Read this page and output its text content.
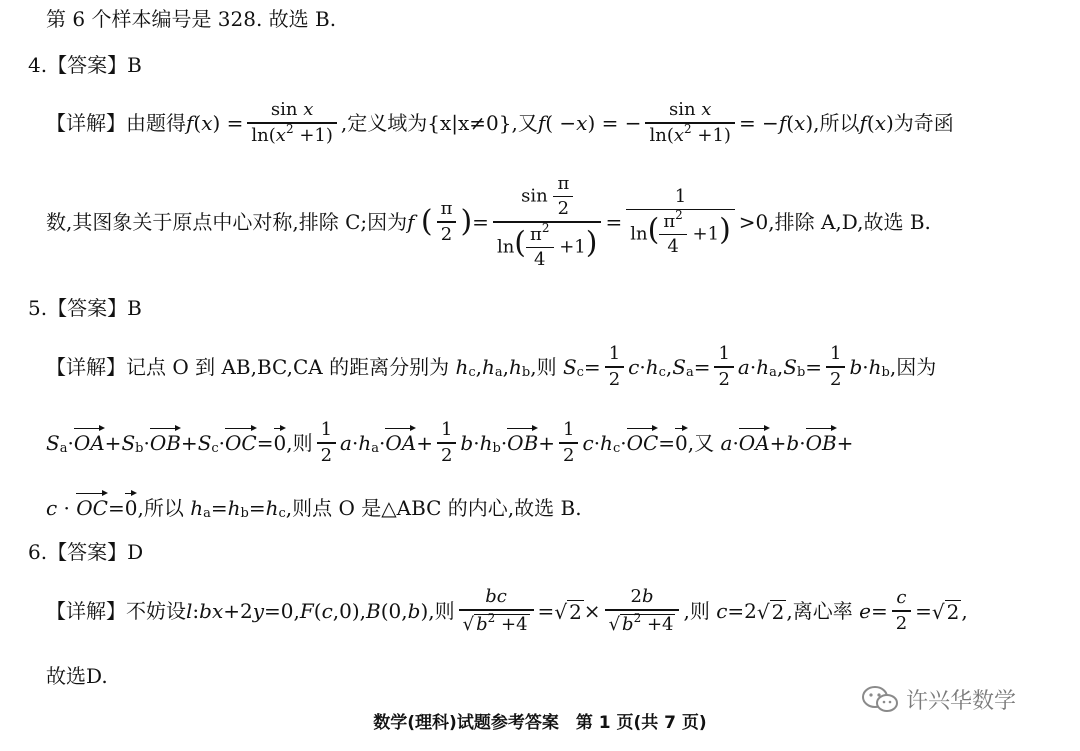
第 6 个样本编号是 328. 故选 B.
4.【答案】B
【详解】由题得 f ( x ) = $\frac{\text{sin x}}{\ln(x^2 +1)}$ ,定义域为{x|x≠0},又 f ( − x ) = − $\frac{\text{sin x}}{\ln(x^2 +1)}$ = − f ( x ) ,所以 f ( x ) 为奇函
数,其图象关于原点中心对称,排除 C;因为 f
( $\frac{\pi}{2}$ ) = $\frac{\sin \frac{\pi}{2}}{\ln( \frac{\pi^2}{4} +1)} = \frac{1}{\ln( \frac{\pi^2}{4} +1)} >0$,排除 A,D,故选 B.
5.【答案】B
【详解】记点 O 到 AB,BC,CA 的距离分别为
h c , h a , h b ,则
S $c = \frac{1}{2}$ c · h c , S $a = \frac{1}{2}$ a · h a , S $b = \frac{1}{2}$ b · h b ,因为
S a · OA + S b · OB + S c · OC = 0 ,则 $\frac{1}{2}$ a · h a · OA + $\frac{1}{2}$ b · h b · OB + $\frac{1}{2}$ c · h c · OC = 0 ,又
a · OA + b · OB +
c · OC = 0 ,所以
h a = h b = h c ,则点 O 是△ABC 的内心,故选 B.
6.【答案】D
【详解】不妨设 l : bx +2 y =0, F ( c ,0), B (0, b ) ,则 $\frac{bc}{√ b^2 +4}$ = √ $2 \times \frac{2b}{√ b^2 +4}$ ,则
c =2 √ 2 ,离心率
$e = \frac{c}{2}$ = √ 2 ,
故选D.
许兴华数学
数学(理科)试题参考答案　第 1 页(共 7 页)
